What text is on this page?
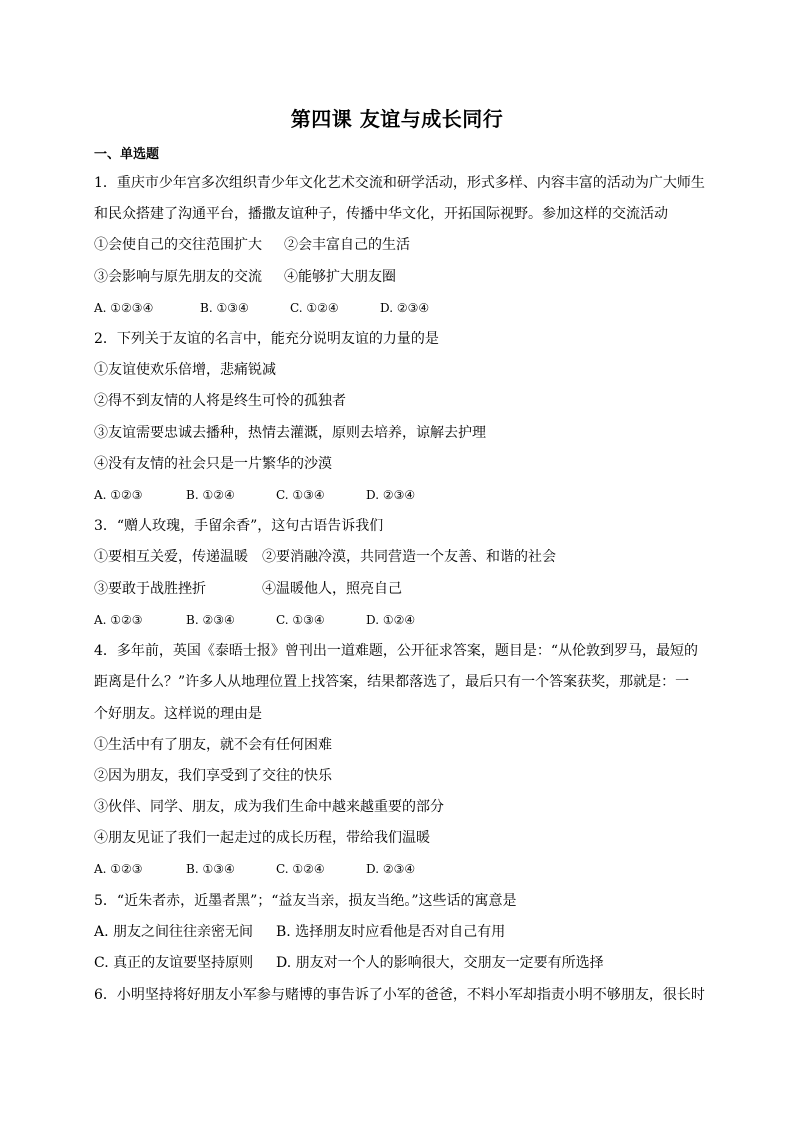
第四课 友谊与成长同行
一、单选题
1．重庆市少年宫多次组织青少年文化艺术交流和研学活动，形式多样、内容丰富的活动为广大师生
和民众搭建了沟通平台，播撒友谊种子，传播中华文化，开拓国际视野。参加这样的交流活动
①会使自己的交往范围扩大 ②会丰富自己的生活
③会影响与原先朋友的交流 ④能够扩大朋友圈
A. ①②③④	B. ①③④	C. ①②④	D. ②③④
2．下列关于友谊的名言中，能充分说明友谊的力量的是
①友谊使欢乐倍增，悲痛锐减
②得不到友情的人将是终生可怜的孤独者
③友谊需要忠诚去播种，热情去灌溉，原则去培养，谅解去护理
④没有友情的社会只是一片繁华的沙漠
A. ①②③	B. ①②④	C. ①③④	D. ②③④
3．“赠人玫瑰，手留余香”，这句古语告诉我们
①要相互关爱，传递温暖 ②要消融冷漠，共同营造一个友善、和谐的社会
③要敢于战胜挫折	④温暖他人，照亮自己
A. ①②③	B. ②③④	C. ①③④	D. ①②④
4．多年前，英国《泰晤士报》曾刊出一道难题，公开征求答案，题目是：“从伦敦到罗马，最短的
距离是什么？”许多人从地理位置上找答案，结果都落选了，最后只有一个答案获奖，那就是：一
个好朋友。这样说的理由是
①生活中有了朋友，就不会有任何困难
②因为朋友，我们享受到了交往的快乐
③伙伴、同学、朋友，成为我们生命中越来越重要的部分
④朋友见证了我们一起走过的成长历程，带给我们温暖
A. ①②③	B. ①③④	C. ①②④	D. ②③④
5．“近朱者赤，近墨者黑”；“益友当亲，损友当绝。”这些话的寓意是
A. 朋友之间往往亲密无间 B. 选择朋友时应看他是否对自己有用
C. 真正的友谊要坚持原则 D. 朋友对一个人的影响很大，交朋友一定要有所选择
6．小明坚持将好朋友小军参与赌博的事告诉了小军的爸爸，不料小军却指责小明不够朋友，很长时
